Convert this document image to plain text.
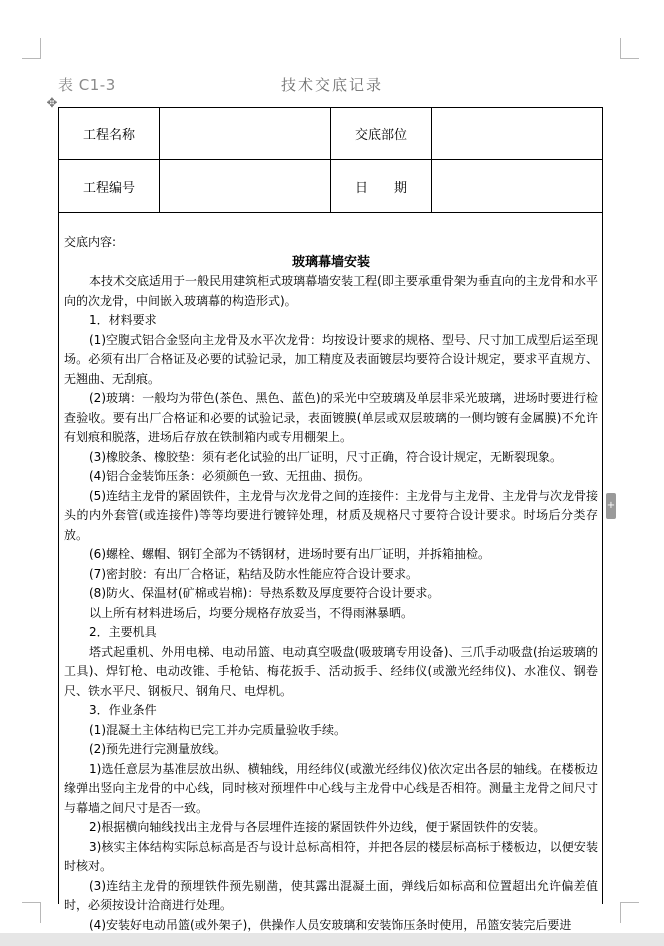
表 C1-3	技术交底记录
✥
工程名称	交底部位
工程编号	日　　期

交底内容:

玻璃幕墙安装

本技术交底适用于一般民用建筑柜式玻璃幕墙安装工程(即主要承重骨架为垂直向的主龙骨和水平向的次龙骨，中间嵌入玻璃幕的构造形式)。

1．材料要求

(1)空腹式铝合金竖向主龙骨及水平次龙骨：均按设计要求的规格、型号、尺寸加工成型后运至现场。必须有出厂合格证及必要的试验记录，加工精度及表面镀层均要符合设计规定，要求平直规方、无翘曲、无刮痕。

(2)玻璃：一般均为带色(茶色、黑色、蓝色)的采光中空玻璃及单层非采光玻璃，进场时要进行检查验收。要有出厂合格证和必要的试验记录，表面镀膜(单层或双层玻璃的一侧均镀有金属膜)不允许有划痕和脱落，进场后存放在铁制箱内或专用棚架上。

(3)橡胶条、橡胶垫：须有老化试验的出厂证明，尺寸正确，符合设计规定，无断裂现象。

(4)铝合金装饰压条：必须颜色一致、无扭曲、损伤。

(5)连结主龙骨的紧固铁件，主龙骨与次龙骨之间的连接件：主龙骨与主龙骨、主龙骨与次龙骨接头的内外套管(或连接件)等等均要进行镀锌处理，材质及规格尺寸要符合设计要求。时场后分类存放。

(6)螺栓、螺帽、钢钉全部为不锈钢材，进场时要有出厂证明，并拆箱抽检。

(7)密封胶：有出厂合格证，粘结及防水性能应符合设计要求。

(8)防火、保温材(矿棉或岩棉)：导热系数及厚度要符合设计要求。

以上所有材料进场后，均要分规格存放妥当，不得雨淋暴晒。

2．主要机具

塔式起重机、外用电梯、电动吊篮、电动真空吸盘(吸玻璃专用设备)、三爪手动吸盘(抬运玻璃的工具)、焊钉枪、电动改锥、手枪钻、梅花扳手、活动扳手、经纬仪(或激光经纬仪)、水准仪、钢卷尺、铁水平尺、钢板尺、钢角尺、电焊机。

3．作业条件

(1)混凝土主体结构已完工并办完质量验收手续。

(2)预先进行完测量放线。

1)选任意层为基准层放出纵、横轴线，用经纬仪(或激光经纬仪)依次定出各层的轴线。在楼板边缘弹出竖向主龙骨的中心线，同时核对预埋件中心线与主龙骨中心线是否相符。测量主龙骨之间尺寸与幕墙之间尺寸是否一致。

2)根据横向轴线找出主龙骨与各层埋件连接的紧固铁件外边线，便于紧固铁件的安装。

3)核实主体结构实际总标高是否与设计总标高相符，并把各层的楼层标高标于楼板边，以便安装时核对。

(3)连结主龙骨的预埋铁件预先剔凿，使其露出混凝土面，弹线后如标高和位置超出允许偏差值时，必须按设计洽商进行处理。

(4)安装好电动吊篮(或外架子)，供操作人员安玻璃和安装饰压条时使用，吊篮安装完后要进

+
